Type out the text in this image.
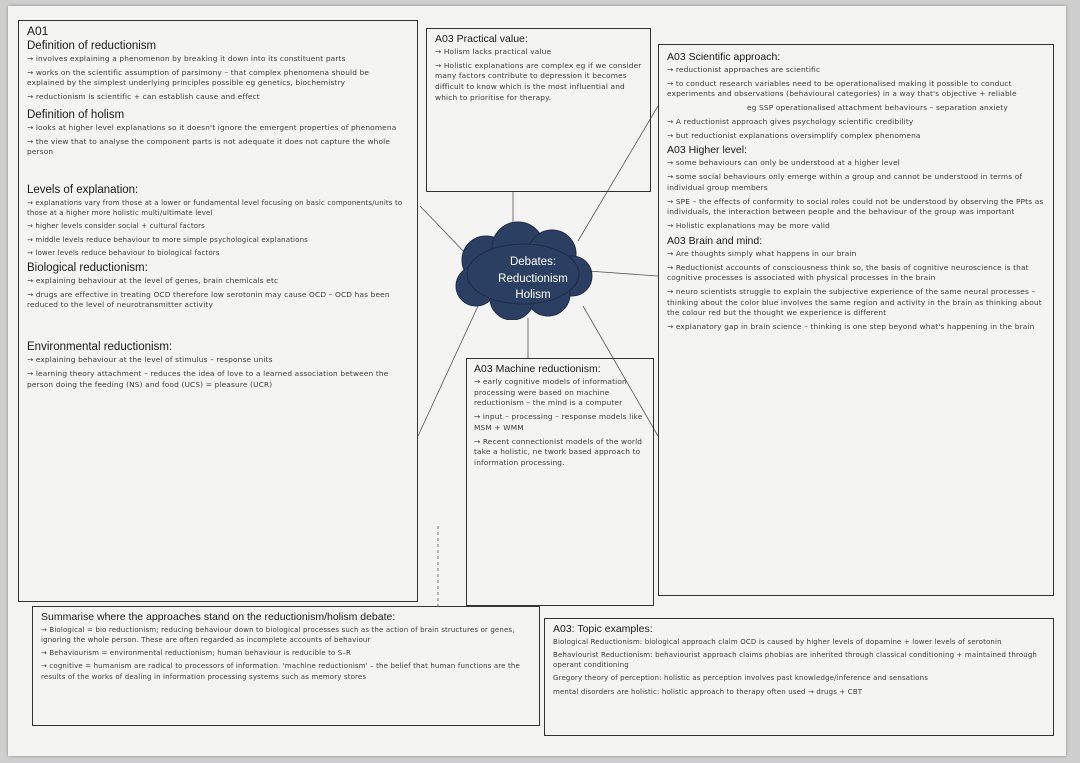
A01
Definition of reductionism

→ involves explaining a phenomenon by breaking it down into its constituent parts

→ works on the scientific assumption of parsimony – that complex phenomena should be explained by the simplest underlying principles possible eg genetics, biochemistry

→ reductionism is scientific + can establish cause and effect

Definition of holism

→ looks at higher level explanations so it doesn't ignore the emergent properties of phenomena

→ the view that to analyse the component parts is not adequate it does not capture the whole person

Levels of explanation:

→ explanations vary from those at a lower or fundamental level focusing on basic components/units to those at a higher more holistic multi/ultimate level

→ higher levels consider social + cultural factors

→ middle levels reduce behaviour to more simple psychological explanations

→ lower levels reduce behaviour to biological factors

Biological reductionism:

→ explaining behaviour at the level of genes, brain chemicals etc

→ drugs are effective in treating OCD therefore low serotonin may cause OCD – OCD has been reduced to the level of neurotransmitter activity

Environmental reductionism:

→ explaining behaviour at the level of stimulus – response units

→ learning theory attachment – reduces the idea of love to a learned association between the person doing the feeding (NS) and food (UCS) = pleasure (UCR)

A03 Practical value:

→ Holism lacks practical value

→ Holistic explanations are complex eg if we consider many factors contribute to depression it becomes difficult to know which is the most influential and which to prioritise for therapy.

Debates:
Reductionism
Holism
A03 Machine reductionism:

→ early cognitive models of information processing were based on machine reductionism – the mind is a computer

→ input – processing – response models like MSM + WMM

→ Recent connectionist models of the world take a holistic, ne twork based approach to information processing.

A03 Scientific approach:

→ reductionist approaches are scientific

→ to conduct research variables need to be operationalised making it possible to conduct experiments and observations (behavioural categories) in a way that's objective + reliable

eg SSP operationalised attachment behaviours – separation anxiety

→ A reductionist approach gives psychology scientific credibility

→ but reductionist explanations oversimplify complex phenomena

A03 Higher level:

→ some behaviours can only be understood at a higher level

→ some social behaviours only emerge within a group and cannot be understood in terms of individual group members

→ SPE – the effects of conformity to social roles could not be understood by observing the PPts as individuals, the interaction between people and the behaviour of the group was important

→ Holistic explanations may be more valid

A03 Brain and mind:

→ Are thoughts simply what happens in our brain

→ Reductionist accounts of consciousness think so, the basis of cognitive neuroscience is that cognitive processes is associated with physical processes in the brain

→ neuro scientists struggle to explain the subjective experience of the same neural processes – thinking about the color blue involves the same region and activity in the brain as thinking about the colour red but the thought we experience is different

→ explanatory gap in brain science – thinking is one step beyond what's happening in the brain

Summarise where the approaches stand on the reductionism/holism debate:

→ Biological = bio reductionism; reducing behaviour down to biological processes such as the action of brain structures or genes, ignoring the whole person. These are often regarded as incomplete accounts of behaviour

→ Behaviourism = environmental reductionism; human behaviour is reducible to S–R

→ cognitive = humanism are radical to processors of information. 'machine reductionism' – the belief that human functions are the results of the works of dealing in information processing systems such as memory stores

A03: Topic examples:

Biological Reductionism: biological approach claim OCD is caused by higher levels of dopamine + lower levels of serotonin

Behaviourist Reductionism: behaviourist approach claims phobias are inherited through classical conditioning + maintained through operant conditioning

Gregory theory of perception: holistic as perception involves past knowledge/inference and sensations

mental disorders are holistic: holistic approach to therapy often used → drugs + CBT
